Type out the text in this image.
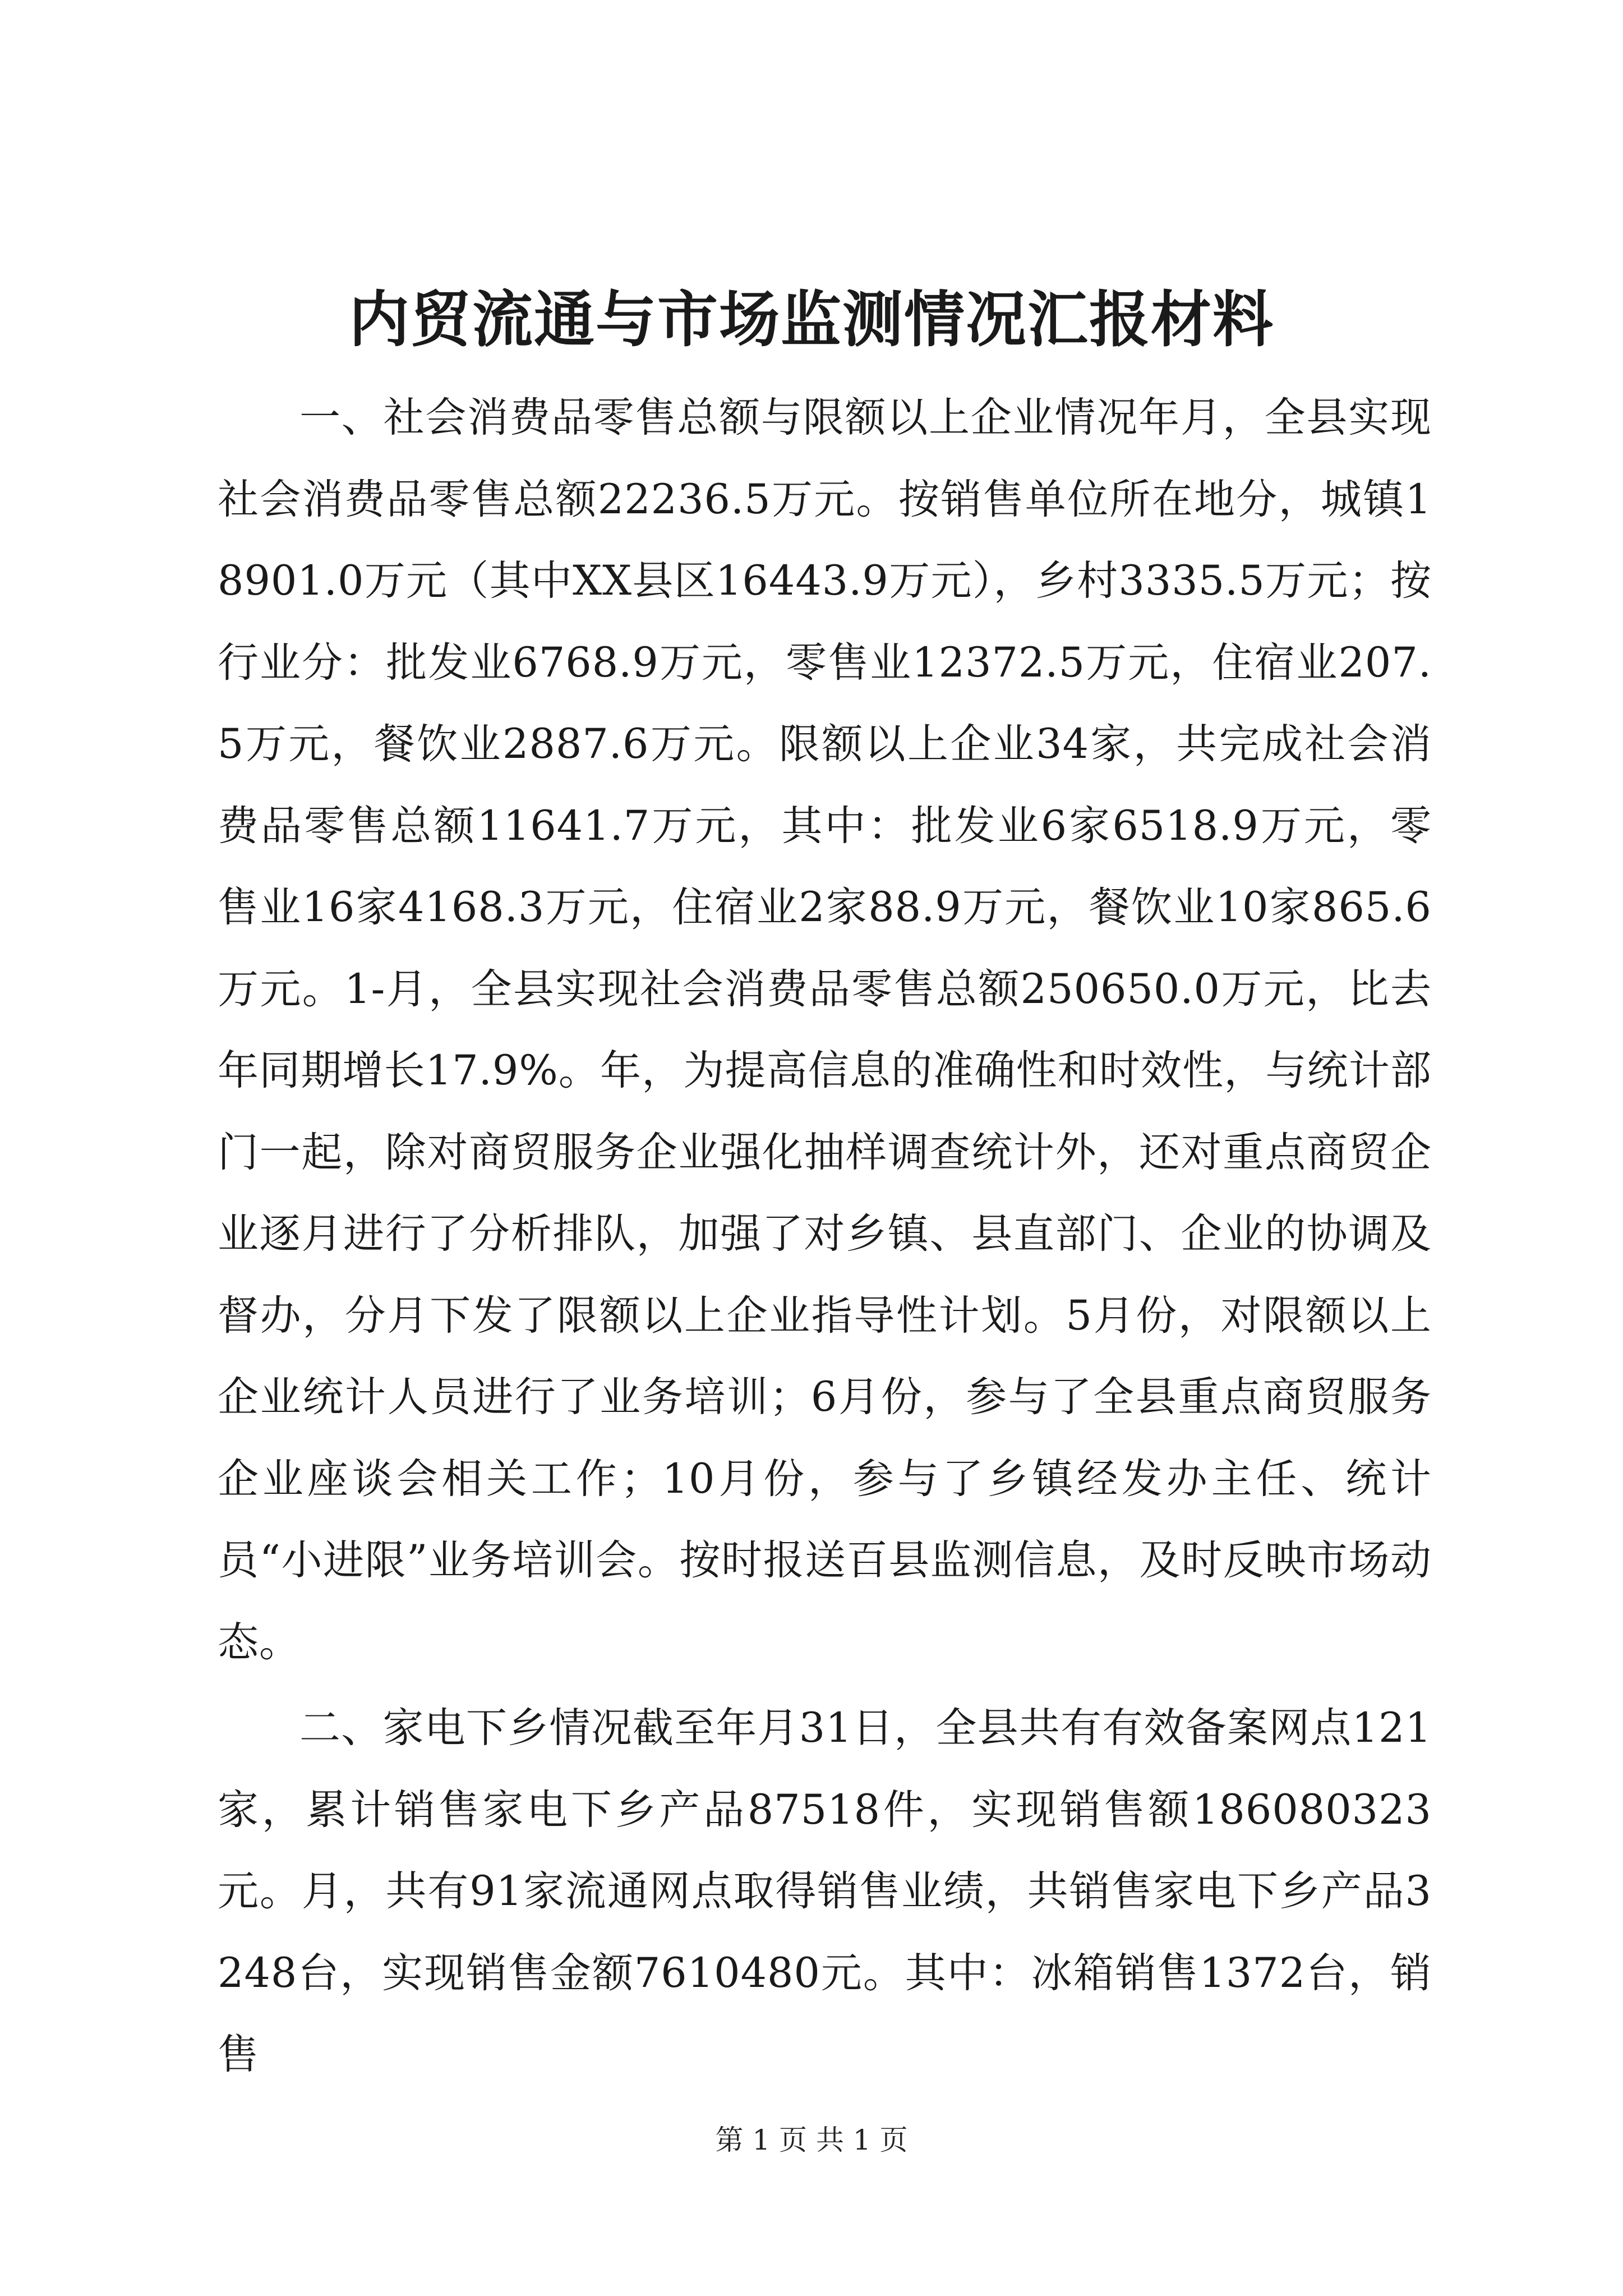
内贸流通与市场监测情况汇报材料

一、社会消费品零售总额与限额以上企业情况年月，全县实现社会消费品零售总额22236.5万元。按销售单位所在地分，城镇18901.0万元（其中XX县区16443.9万元），乡村3335.5万元；按行业分：批发业6768.9万元，零售业12372.5万元，住宿业207.5万元，餐饮业2887.6万元。限额以上企业34家，共完成社会消费品零售总额11641.7万元，其中：批发业6家6518.9万元，零售业16家4168.3万元，住宿业2家88.9万元，餐饮业10家865.6万元。1-月，全县实现社会消费品零售总额250650.0万元，比去年同期增长17.9%。年，为提高信息的准确性和时效性，与统计部门一起，除对商贸服务企业强化抽样调查统计外，还对重点商贸企业逐月进行了分析排队，加强了对乡镇、县直部门、企业的协调及督办，分月下发了限额以上企业指导性计划。5月份，对限额以上企业统计人员进行了业务培训；6月份，参与了全县重点商贸服务企业座谈会相关工作；10月份，参与了乡镇经发办主任、统计员“小进限”业务培训会。按时报送百县监测信息，及时反映市场动态。

二、家电下乡情况截至年月31日，全县共有有效备案网点121家，累计销售家电下乡产品87518件，实现销售额186080323元。月，共有91家流通网点取得销售业绩，共销售家电下乡产品3248台，实现销售金额7610480元。其中：冰箱销售1372台，销售

第 1 页 共 1 页
